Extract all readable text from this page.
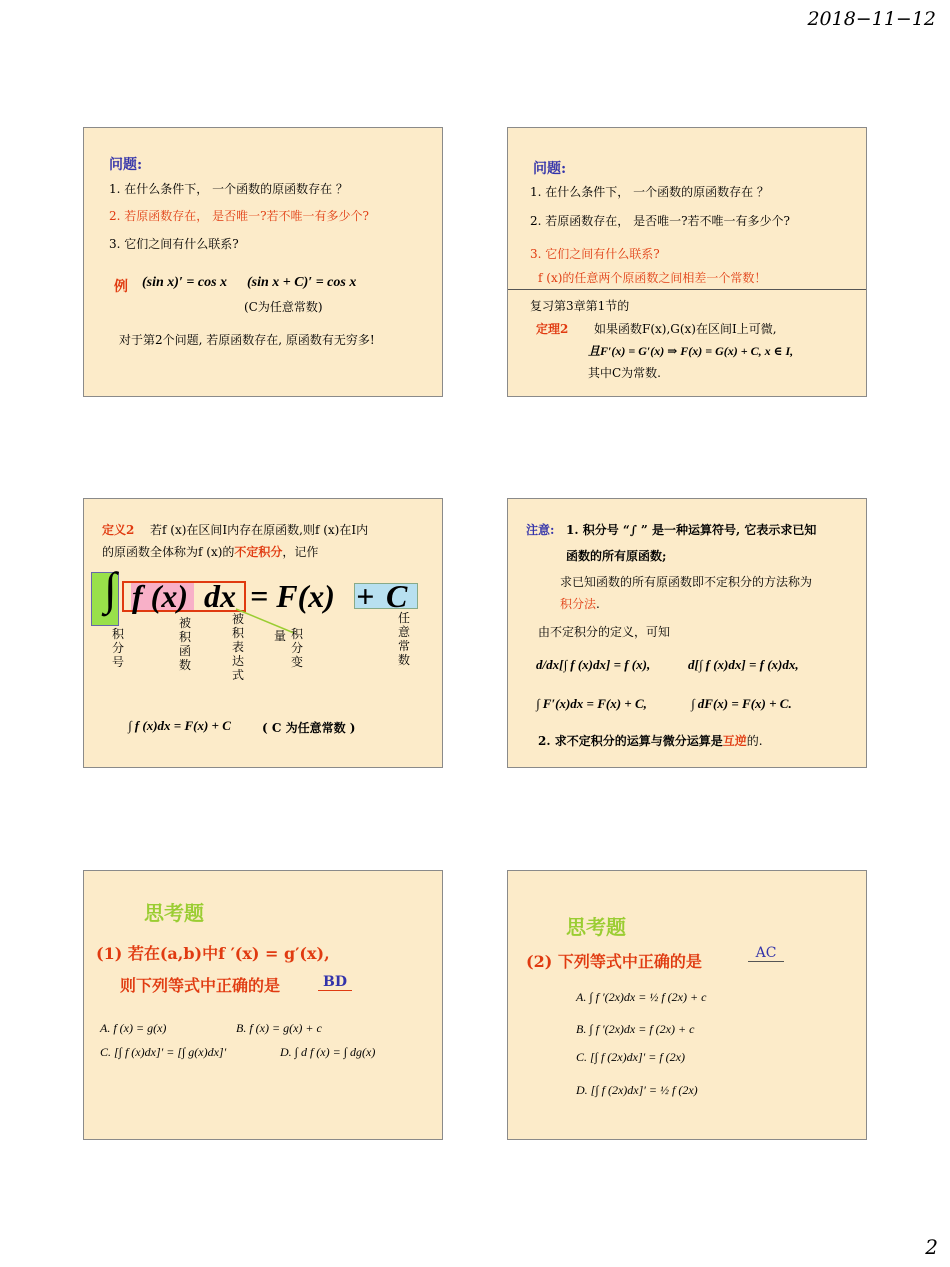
2018−11−12
问题:
1. 在什么条件下， 一个函数的原函数存在 ？
2. 若原函数存在， 是否唯一?若不唯一有多少个?
3. 它们之间有什么联系?
例 (sin x)′ = cos x (sin x + C)′ = cos x
(C为任意常数)
对于第2个问题, 若原函数存在, 原函数有无穷多!
问题:
1. 在什么条件下， 一个函数的原函数存在 ？
2. 若原函数存在， 是否唯一?若不唯一有多少个?
3. 它们之间有什么联系?
f (x)的任意两个原函数之间相差一个常数！
复习第3章第1节的
定理2 如果函数F(x),G(x)在区间I上可微,
且F′(x) = G′(x) ⇒ F(x) = G(x) + C, x ∈ I,
其中C为常数.
定义2 若f (x)在区间I内存在原函数,则f (x)在I内
的原函数全体称为f (x)的不定积分，记作
∫ f (x) dx = F(x) + C
积分号
被积函数
被积表达式
量 积分变
任意常数
∫ f (x)dx = F(x) + C	( C 为任意常数 )
注意: 1. 积分号 “∫ ” 是一种运算符号, 它表示求已知
函数的所有原函数;
求已知函数的所有原函数即不定积分的方法称为
积分法.
由不定积分的定义，可知
d/dx[∫ f (x)dx] = f (x),	d[∫ f (x)dx] = f (x)dx,
∫ F′(x)dx = F(x) + C,	∫ dF(x) = F(x) + C.
2. 求不定积分的运算与微分运算是互逆的.
思考题
(1) 若在(a,b)中f ′(x) = g′(x),
则下列等式中正确的是	BD
A. f (x) = g(x)	B. f (x) = g(x) + c
C. [∫ f (x)dx]′ = [∫ g(x)dx]′	D. ∫ d f (x) = ∫ dg(x)
思考题
(2) 下列等式中正确的是	AC
A. ∫ f ′(2x)dx = ½ f (2x) + c
B. ∫ f ′(2x)dx = f (2x) + c
C. [∫ f (2x)dx]′ = f (2x)
D. [∫ f (2x)dx]′ = ½ f (2x)
2
